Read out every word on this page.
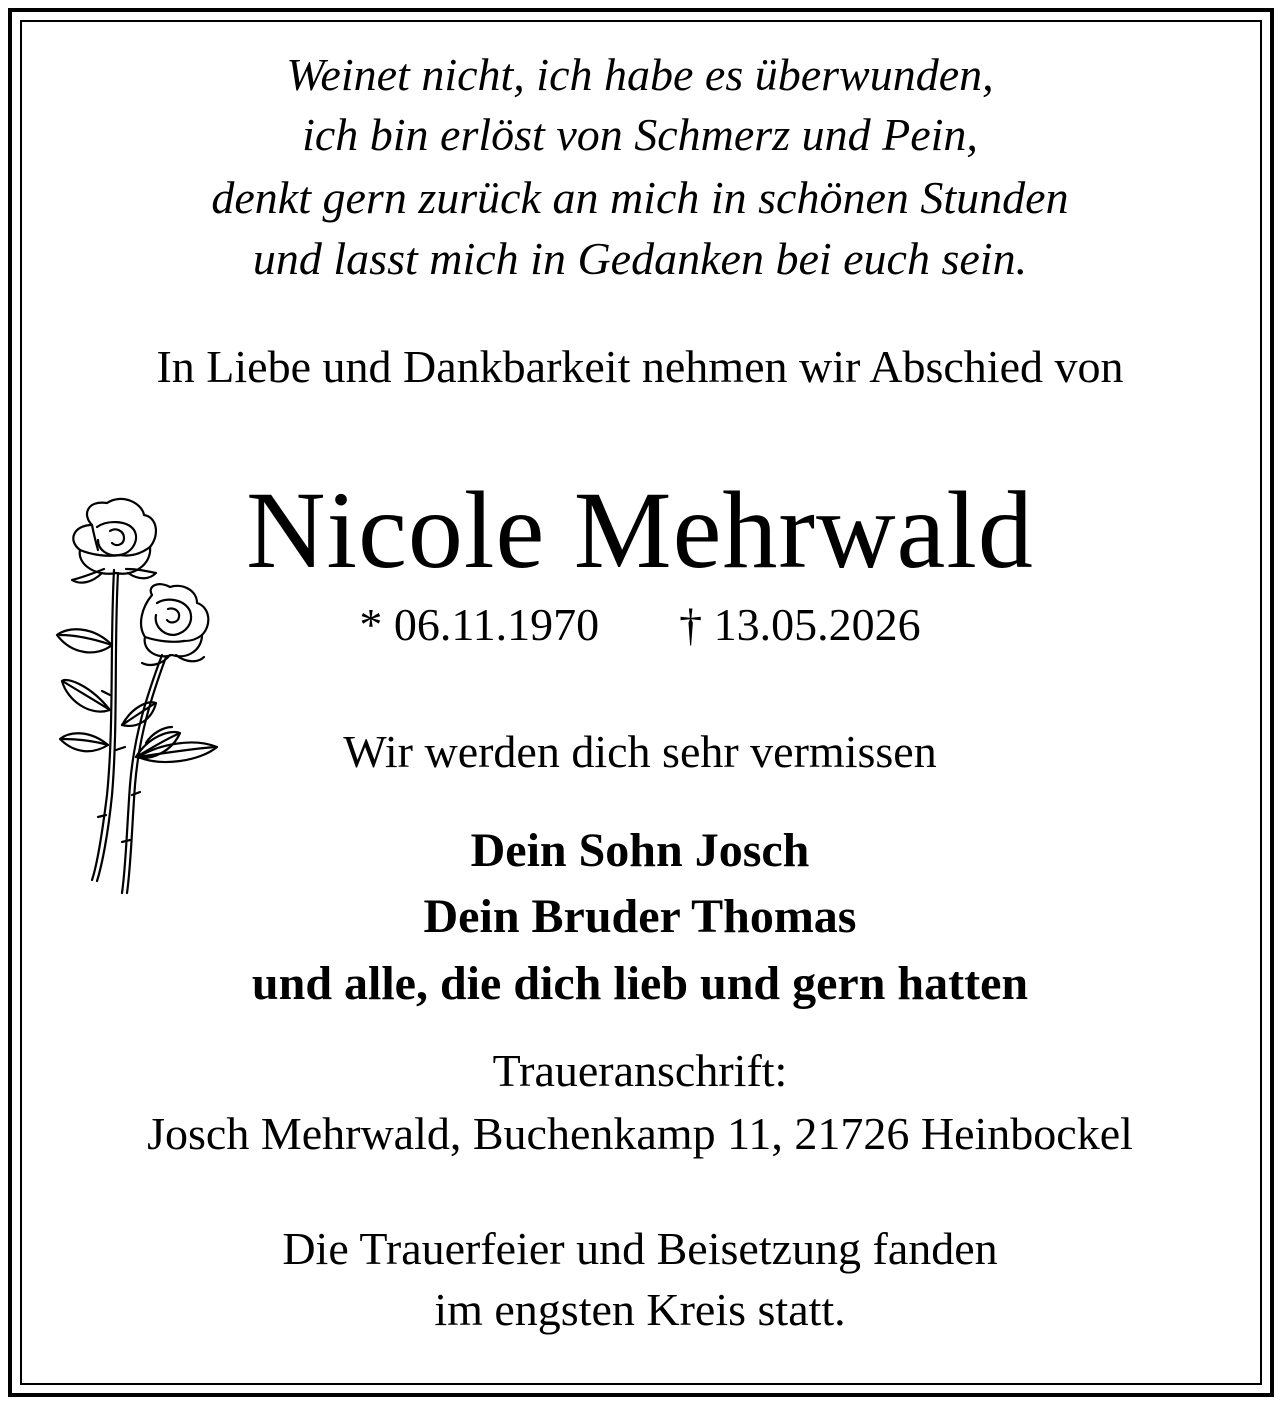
Weinet nicht, ich habe es überwunden,
ich bin erlöst von Schmerz und Pein,
denkt gern zurück an mich in schönen Stunden
und lasst mich in Gedanken bei euch sein.
In Liebe und Dankbarkeit nehmen wir Abschied von
Nicole Mehrwald
* 06.11.1970 † 13.05.2026
Wir werden dich sehr vermissen
Dein Sohn Josch
Dein Bruder Thomas
und alle, die dich lieb und gern hatten
Traueranschrift:
Josch Mehrwald, Buchenkamp 11, 21726 Heinbockel
Die Trauerfeier und Beisetzung fanden
im engsten Kreis statt.
